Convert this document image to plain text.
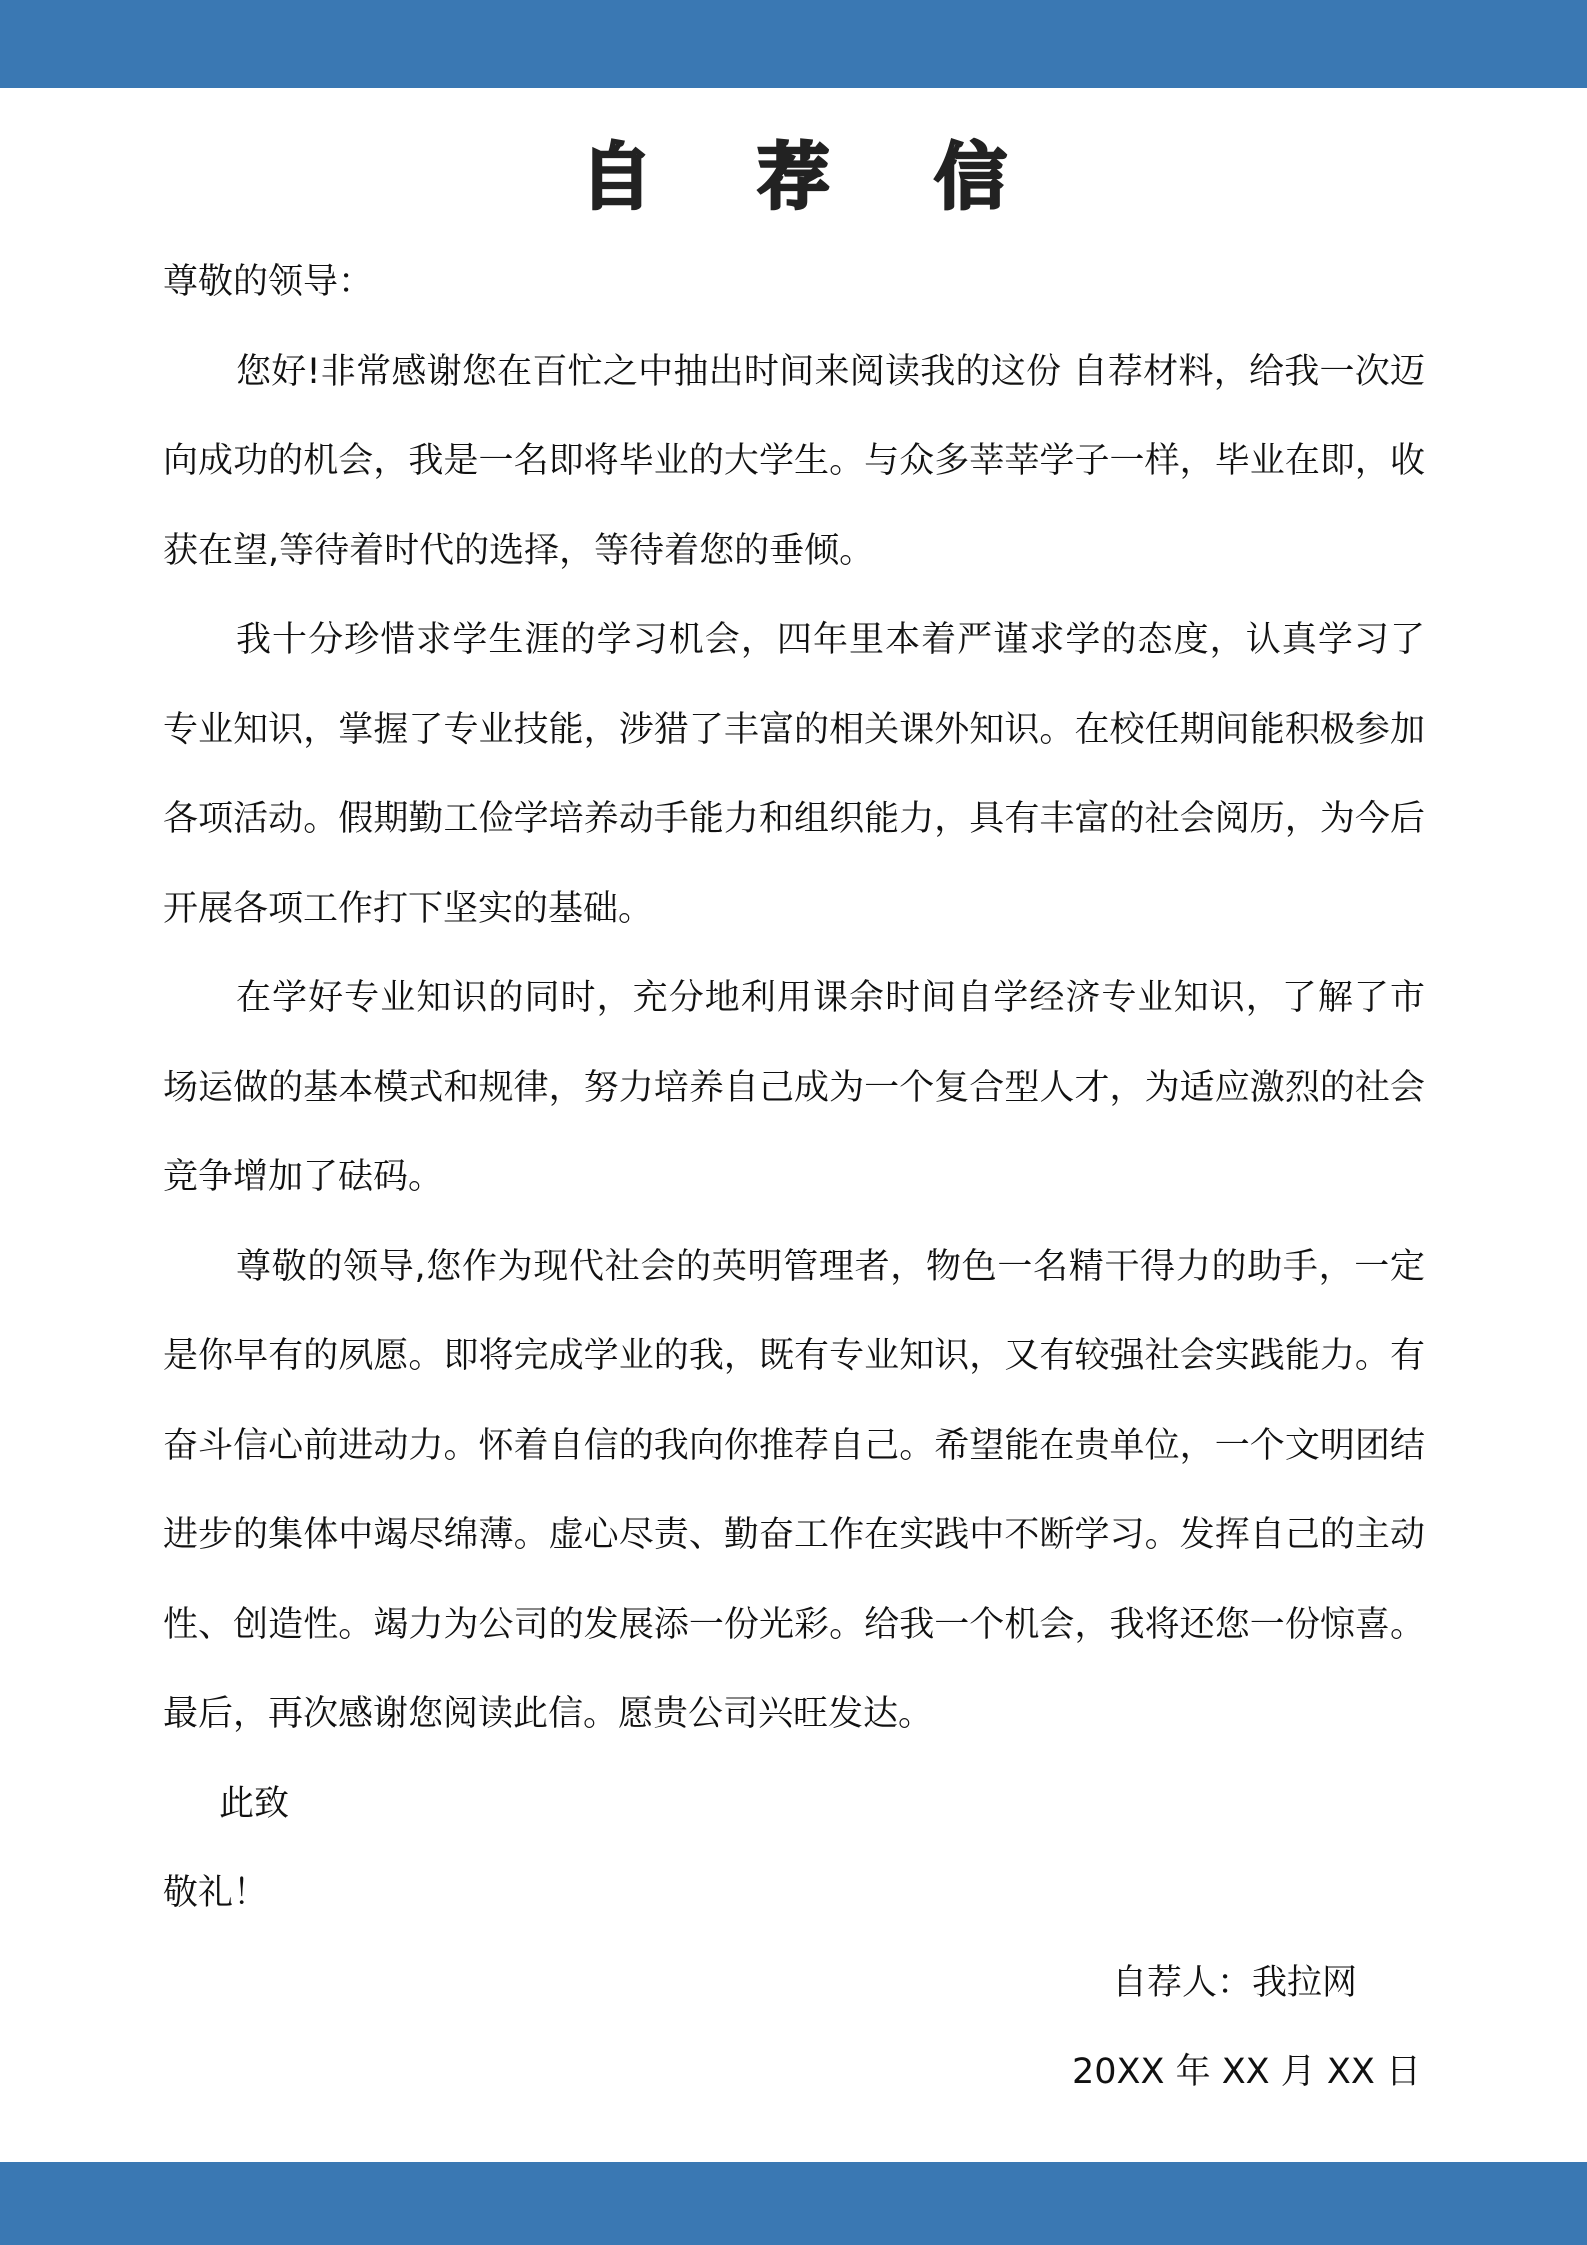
自 荐 信

尊敬的领导：

您好!非常感谢您在百忙之中抽出时间来阅读我的这份 自荐材料，给我一次迈向成功的机会，我是一名即将毕业的大学生。与众多莘莘学子一样，毕业在即，收获在望,等待着时代的选择，等待着您的垂倾。

我十分珍惜求学生涯的学习机会，四年里本着严谨求学的态度，认真学习了专业知识，掌握了专业技能，涉猎了丰富的相关课外知识。在校任期间能积极参加各项活动。假期勤工俭学培养动手能力和组织能力，具有丰富的社会阅历，为今后开展各项工作打下坚实的基础。

在学好专业知识的同时，充分地利用课余时间自学经济专业知识，了解了市场运做的基本模式和规律，努力培养自己成为一个复合型人才，为适应激烈的社会竞争增加了砝码。

尊敬的领导,您作为现代社会的英明管理者，物色一名精干得力的助手，一定是你早有的夙愿。即将完成学业的我，既有专业知识，又有较强社会实践能力。有奋斗信心前进动力。怀着自信的我向你推荐自己。希望能在贵单位，一个文明团结进步的集体中竭尽绵薄。虚心尽责、勤奋工作在实践中不断学习。发挥自己的主动性、创造性。竭力为公司的发展添一份光彩。给我一个机会，我将还您一份惊喜。最后，再次感谢您阅读此信。愿贵公司兴旺发达。

此致

敬礼！

自荐人：我拉网

20XX 年 XX 月 XX 日
